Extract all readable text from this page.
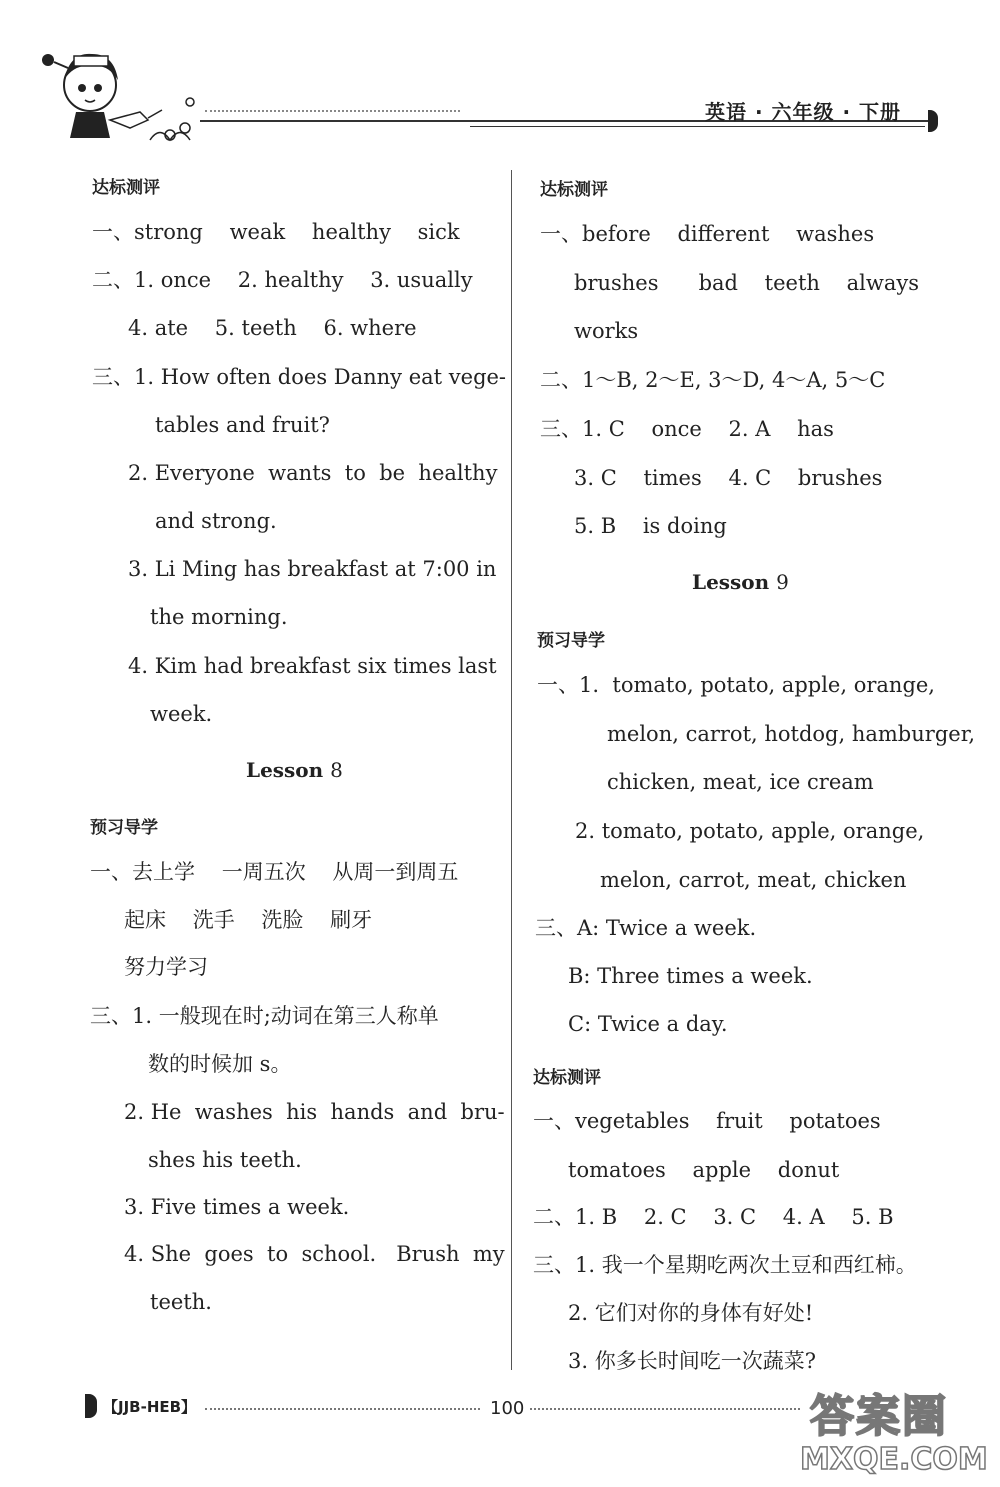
英语 · 六年级 · 下册
达标测评
一、strong    weak    healthy    sick
二、1. once    2. healthy    3. usually
4. ate    5. teeth    6. where
三、1. How often does Danny eat vege-
tables and fruit?
2. Everyone  wants  to  be  healthy
and strong.
3. Li Ming has breakfast at 7:00 in
the morning.
4. Kim had breakfast six times last
week.
Lesson 8
预习导学
一、去上学    一周五次    从周一到周五
起床    洗手    洗脸    刷牙
努力学习
三、1. 一般现在时;动词在第三人称单
数的时候加 s。
2. He  washes  his  hands  and  bru-
shes his teeth.
3. Five times a week.
4. She  goes  to  school.   Brush  my
teeth.
达标测评
一、before    different    washes
brushes      bad    teeth    always
works
二、1～B, 2～E, 3～D, 4～A, 5～C
三、1. C    once    2. A    has
3. C    times    4. C    brushes
5. B    is doing
Lesson 9
预习导学
一、1.  tomato, potato, apple, orange,
melon, carrot, hotdog, hamburger,
chicken, meat, ice cream
2. tomato, potato, apple, orange,
melon, carrot, meat, chicken
三、A: Twice a week.
B: Three times a week.
C: Twice a day.
达标测评
一、vegetables    fruit    potatoes
tomatoes    apple    donut
二、1. B    2. C    3. C    4. A    5. B
三、1. 我一个星期吃两次土豆和西红柿。
2. 它们对你的身体有好处!
3. 你多长时间吃一次蔬菜?
【JJB-HEB】	100	答案圈
MXQE.COM
